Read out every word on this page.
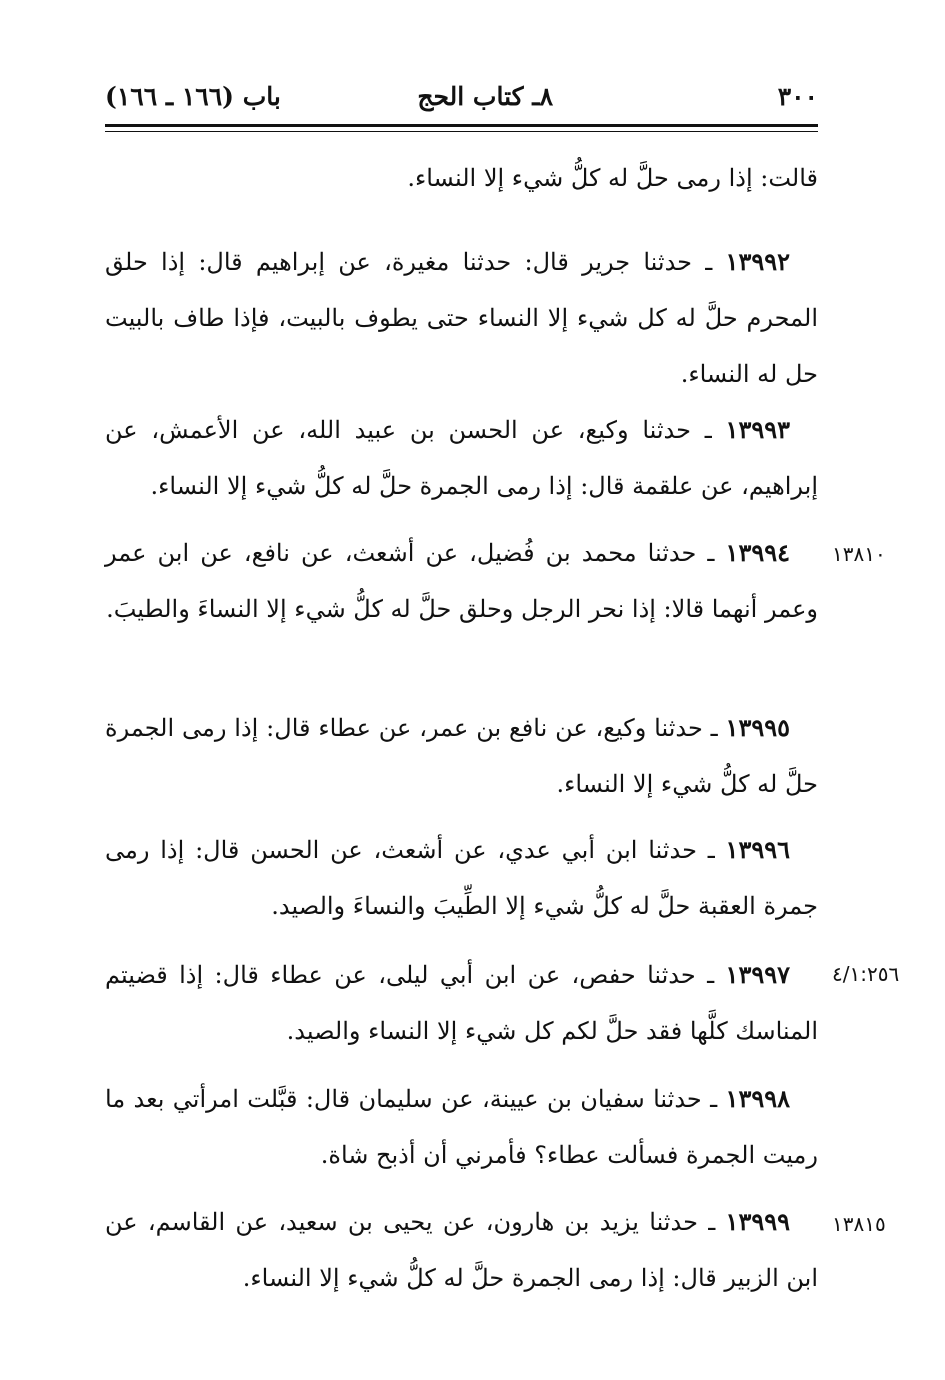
٣٠٠
٨ـ كتاب الحج
باب (١٦٦ ـ ١٦٦)

قالت: إذا رمى حلَّ له كلُّ شيء إلا النساء.

١٣٩٩٢ ـ حدثنا جرير قال: حدثنا مغيرة، عن إبراهيم قال: إذا حلق المحرم حلَّ له كل شيء إلا النساء حتى يطوف بالبيت، فإذا طاف بالبيت حل له النساء.

١٣٩٩٣ ـ حدثنا وكيع، عن الحسن بن عبيد الله، عن الأعمش، عن إبراهيم، عن علقمة قال: إذا رمى الجمرة حلَّ له كلُّ شيء إلا النساء.

١٣٨١٠

١٣٩٩٤ ـ حدثنا محمد بن فُضيل، عن أشعث، عن نافع، عن ابن عمر وعمر أنهما قالا: إذا نحر الرجل وحلق حلَّ له كلُّ شيء إلا النساءَ والطيبَ.

١٣٩٩٥ ـ حدثنا وكيع، عن نافع بن عمر، عن عطاء قال: إذا رمى الجمرة حلَّ له كلُّ شيء إلا النساء.

١٣٩٩٦ ـ حدثنا ابن أبي عدي، عن أشعث، عن الحسن قال: إذا رمى جمرة العقبة حلَّ له كلُّ شيء إلا الطِّيبَ والنساءَ والصيد.

٤/١:٢٥٦

١٣٩٩٧ ـ حدثنا حفص، عن ابن أبي ليلى، عن عطاء قال: إذا قضيتم المناسك كلَّها فقد حلَّ لكم كل شيء إلا النساء والصيد.

١٣٩٩٨ ـ حدثنا سفيان بن عيينة، عن سليمان قال: قبَّلت امرأتي بعد ما رميت الجمرة فسألت عطاء؟ فأمرني أن أذبح شاة.

١٣٨١٥

١٣٩٩٩ ـ حدثنا يزيد بن هارون، عن يحيى بن سعيد، عن القاسم، عن ابن الزبير قال: إذا رمى الجمرة حلَّ له كلُّ شيء إلا النساء.
